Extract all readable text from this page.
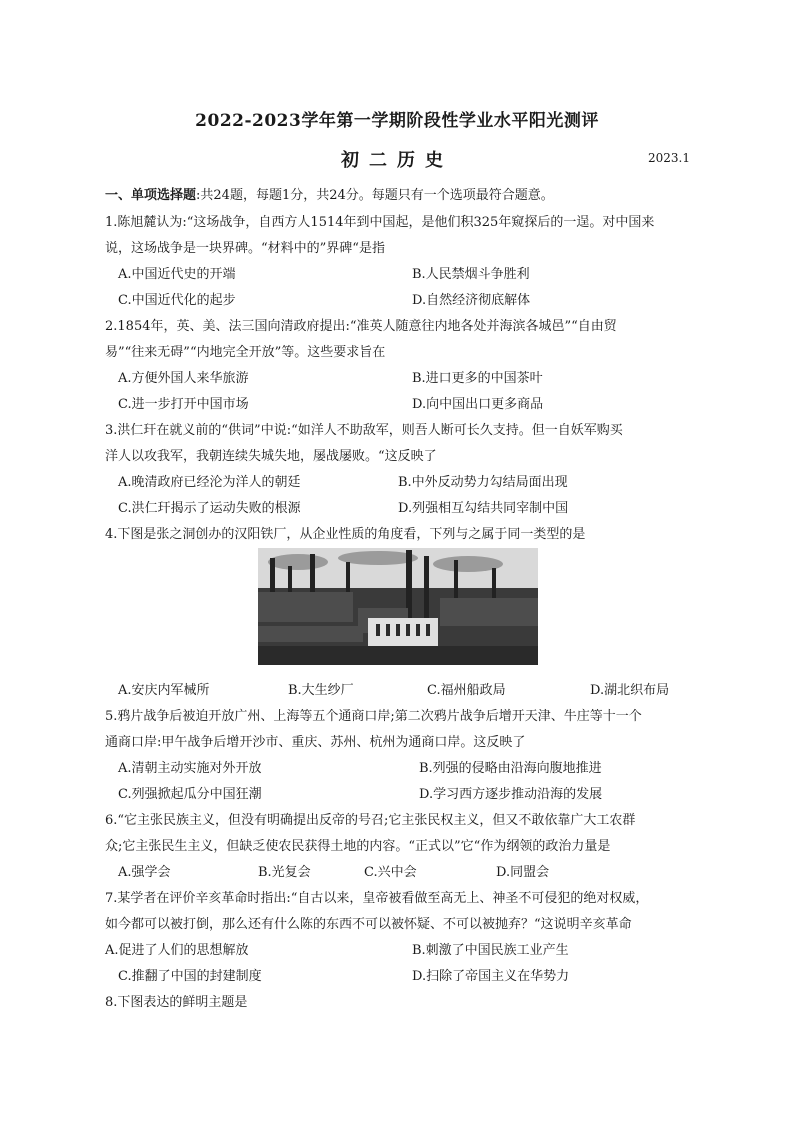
2022-2023学年第一学期阶段性学业水平阳光测评
初二历史	2023.1
一、单项选择题:共24题，每题1分，共24分。每题只有一个选项最符合题意。
1.陈旭麓认为:“这场战争，自西方人1514年到中国起，是他们积325年窥探后的一逞。对中国来
说，这场战争是一块界碑。“材料中的”界碑“是指
A.中国近代史的开端	B.人民禁烟斗争胜利
C.中国近代化的起步	D.自然经济彻底解体
2.1854年，英、美、法三国向清政府提出:“准英人随意往内地各处并海滨各城邑”“自由贸
易”“往来无碍”“内地完全开放”等。这些要求旨在
A.方便外国人来华旅游	B.进口更多的中国茶叶
C.进一步打开中国市场	D.向中国出口更多商品
3.洪仁玕在就义前的“供词”中说:“如洋人不助敌军，则吾人断可长久支持。但一自妖军购买
洋人以攻我军，我朝连续失城失地，屡战屡败。“这反映了
A.晚清政府已经沦为洋人的朝廷	B.中外反动势力勾结局面出现
C.洪仁玕揭示了运动失败的根源	D.列强相互勾结共同宰制中国
4.下图是张之洞创办的汉阳铁厂，从企业性质的角度看，下列与之属于同一类型的是
A.安庆内军械所	B.大生纱厂	C.福州船政局	D.湖北织布局
5.鸦片战争后被迫开放广州、上海等五个通商口岸;第二次鸦片战争后增开天津、牛庄等十一个
通商口岸:甲午战争后增开沙市、重庆、苏州、杭州为通商口岸。这反映了
A.清朝主动实施对外开放	B.列强的侵略由沿海向腹地推进
C.列强掀起瓜分中国狂潮	D.学习西方逐步推动沿海的发展
6.“它主张民族主义，但没有明确提出反帝的号召;它主张民权主义，但又不敢依靠广大工农群
众;它主张民生主义，但缺乏使农民获得土地的内容。“正式以”它“作为纲领的政治力量是
A.强学会	B.光复会	C.兴中会	D.同盟会
7.某学者在评价辛亥革命时指出:“自古以来，皇帝被看做至高无上、神圣不可侵犯的绝对权威，
如今都可以被打倒，那么还有什么陈的东西不可以被怀疑、不可以被抛弃？“这说明辛亥革命
A.促进了人们的思想解放	B.刺激了中国民族工业产生
C.推翻了中国的封建制度	D.扫除了帝国主义在华势力
8.下图表达的鲜明主题是
